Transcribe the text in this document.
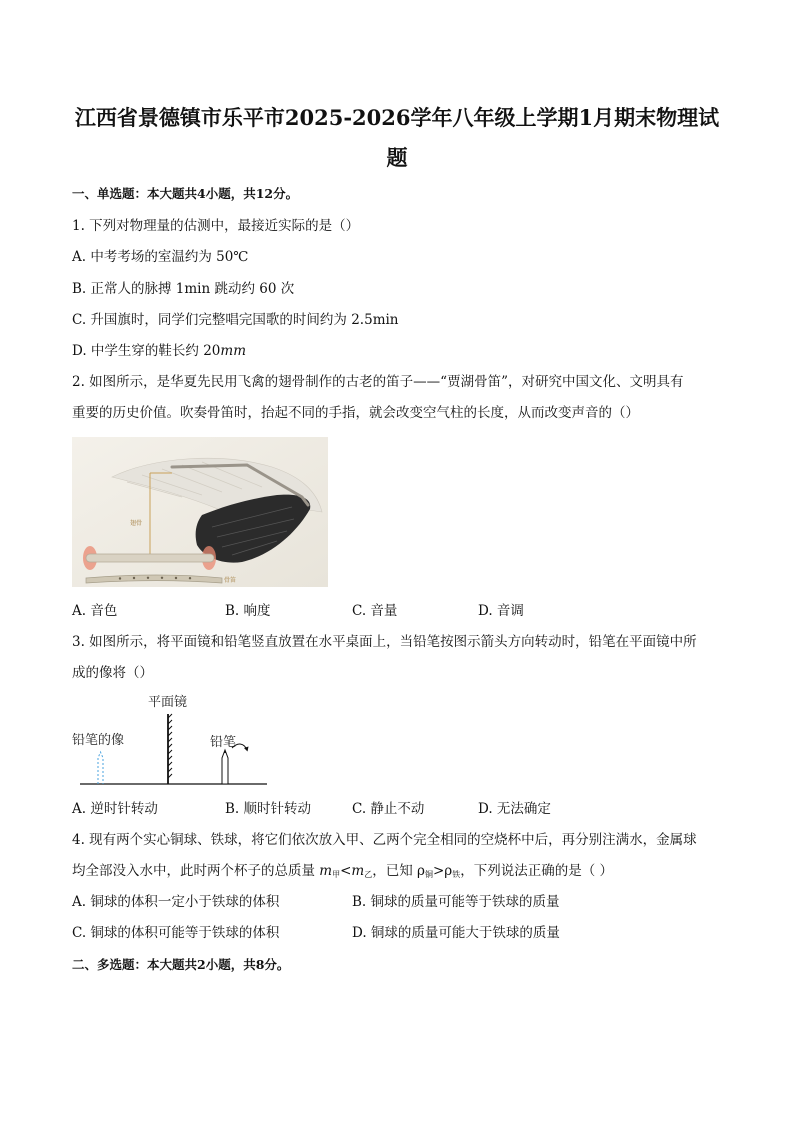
江西省景德镇市乐平市2025-2026学年八年级上学期1月期末物理试
题
一、单选题：本大题共4小题，共12分。
1. 下列对物理量的估测中，最接近实际的是（）
A. 中考考场的室温约为 50℃
B. 正常人的脉搏 1min 跳动约 60 次
C. 升国旗时，同学们完整唱完国歌的时间约为 2.5min
D. 中学生穿的鞋长约 20mm
2. 如图所示，是华夏先民用飞禽的翅骨制作的古老的笛子——“贾湖骨笛”，对研究中国文化、文明具有
重要的历史价值。吹奏骨笛时，抬起不同的手指，就会改变空气柱的长度，从而改变声音的（）
翅骨
骨笛
A. 音色	B. 响度	C. 音量	D. 音调
3. 如图所示，将平面镜和铅笔竖直放置在水平桌面上，当铅笔按图示箭头方向转动时，铅笔在平面镜中所
成的像将（）
平面镜
铅笔的像	铅笔
A. 逆时针转动	B. 顺时针转动	C. 静止不动	D. 无法确定
4. 现有两个实心铜球、铁球，将它们依次放入甲、乙两个完全相同的空烧杯中后，再分别注满水，金属球
均全部没入水中，此时两个杯子的总质量 $m_甲<m_乙$，已知 $\rho_铜>\rho_铁$，下列说法正确的是（ ）
A. 铜球的体积一定小于铁球的体积	B. 铜球的质量可能等于铁球的质量
C. 铜球的体积可能等于铁球的体积	D. 铜球的质量可能大于铁球的质量
二、多选题：本大题共2小题，共8分。
